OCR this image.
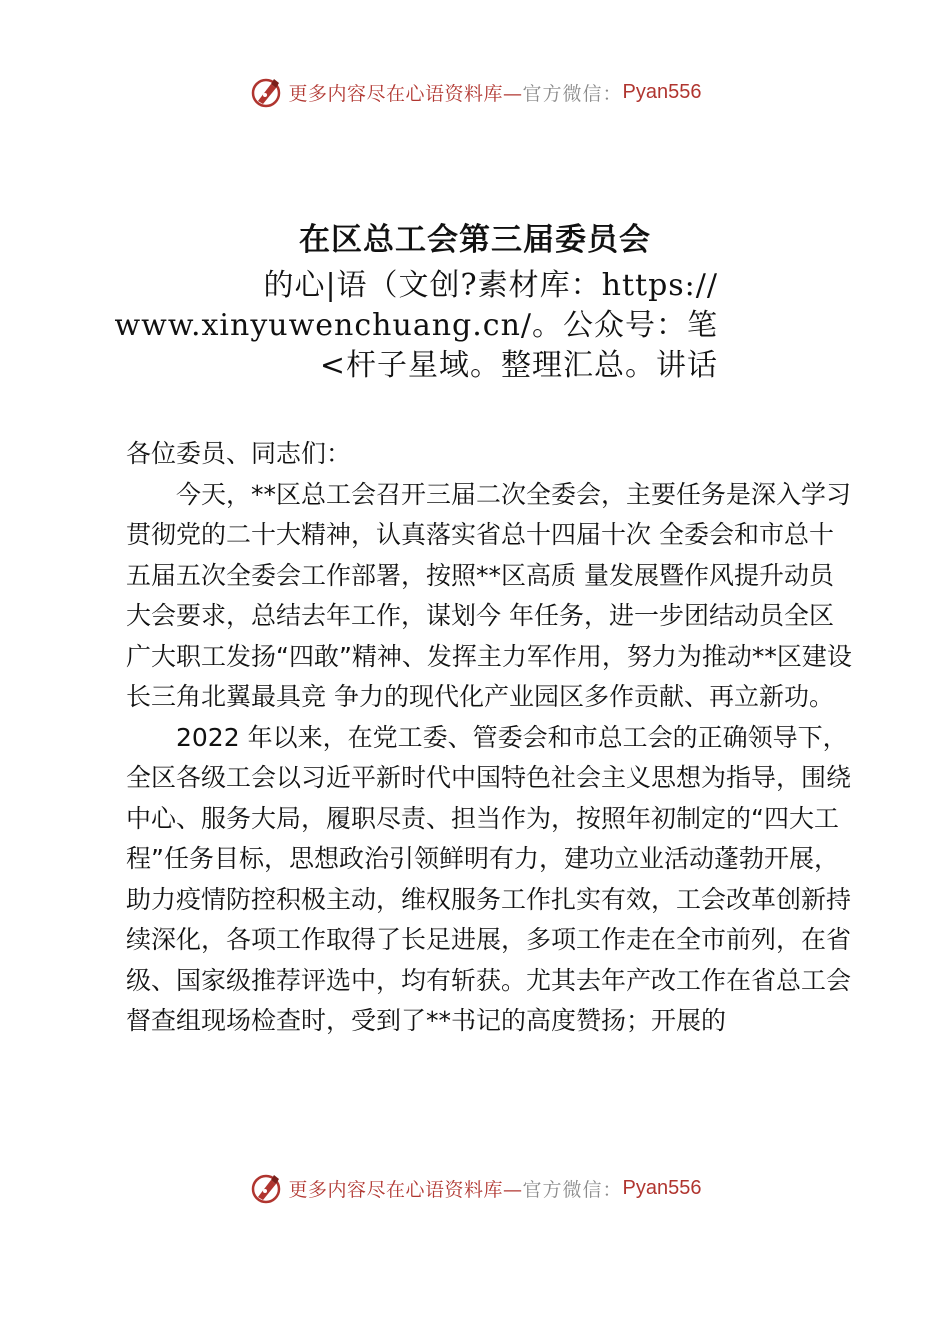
更多内容尽在心语资料库— 官方微信： Pyan556
在区总工会第三届委员会
的心|语（文创?素材库：https://
www.xinyuwenchuang.cn/。公众号：笔
<杆子星域。整理汇总。讲话

各位委员、同志们：

今天，**区总工会召开三届二次全委会，主要任务是深入学习贯彻党的二十大精神，认真落实省总十四届十次 全委会和市总十五届五次全委会工作部署，按照**区高质 量发展暨作风提升动员大会要求，总结去年工作，谋划今 年任务，进一步团结动员全区广大职工发扬“四敢”精神、发挥主力军作用，努力为推动**区建设长三角北翼最具竞 争力的现代化产业园区多作贡献、再立新功。

2022 年以来，在党工委、管委会和市总工会的正确领导下，全区各级工会以习近平新时代中国特色社会主义思想为指导，围绕中心、服务大局，履职尽责、担当作为，按照年初制定的“四大工程”任务目标，思想政治引领鲜明有力，建功立业活动蓬勃开展，助力疫情防控积极主动，维权服务工作扎实有效，工会改革创新持续深化，各项工作取得了长足进展，多项工作走在全市前列，在省级、国家级推荐评选中，均有斩获。尤其去年产改工作在省总工会督查组现场检查时，受到了**书记的高度赞扬；开展的

更多内容尽在心语资料库— 官方微信： Pyan556
